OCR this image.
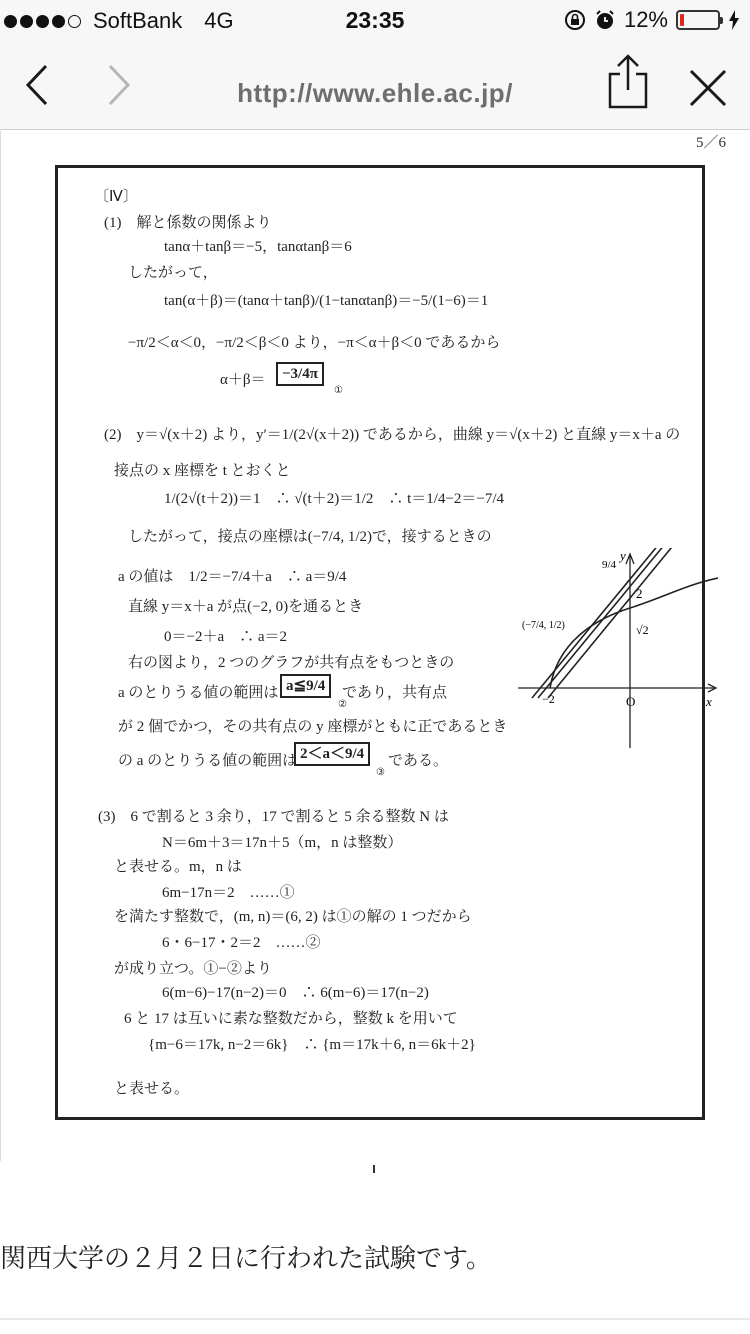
SoftBank 4G	23:35	12%
http://www.ehle.ac.jp/
5／6
〔Ⅳ〕
(1)　解と係数の関係より
tanα＋tanβ＝−5，tanαtanβ＝6
したがって，
tan(α＋β)＝(tanα＋tanβ)/(1−tanαtanβ)＝−5/(1−6)＝1
−π/2＜α＜0，−π/2＜β＜0 より，−π＜α＋β＜0 であるから
α＋β＝	−3/4π
①
(2)　y＝√(x＋2) より，y′＝1/(2√(x＋2)) であるから，曲線 y＝√(x＋2) と直線 y＝x＋a の
接点の x 座標を t とおくと
1/(2√(t＋2))＝1　∴ √(t＋2)＝1/2　∴ t＝1/4−2＝−7/4
したがって，接点の座標は(−7/4, 1/2)で，接するときの
a の値は　1/2＝−7/4＋a　∴ a＝9/4
直線 y＝x＋a が点(−2, 0)を通るとき
0＝−2＋a　∴ a＝2
右の図より，2 つのグラフが共有点をもつときの
a のとりうる値の範囲は a≦9/4
②
であり，共有点
が 2 個でかつ，その共有点の y 座標がともに正であるとき
の a のとりうる値の範囲は 2＜a＜9/4
③
である。
(3)　6 で割ると 3 余り，17 で割ると 5 余る整数 N は
N＝6m＋3＝17n＋5（m，n は整数）
と表せる。m，n は
6m−17n＝2　……①
を満たす整数で，(m, n)＝(6, 2) は①の解の 1 つだから
6・6−17・2＝2　……②
が成り立つ。①−②より
6(m−6)−17(n−2)＝0　∴ 6(m−6)＝17(n−2)
6 と 17 は互いに素な整数だから，整数 k を用いて
{m−6＝17k, n−2＝6k}　∴ {m＝17k＋6, n＝6k＋2}
と表せる。
y
x
O
2
√2
−2
9/4
(−7/4, 1/2)
関西大学の２月２日に行われた試験です。
